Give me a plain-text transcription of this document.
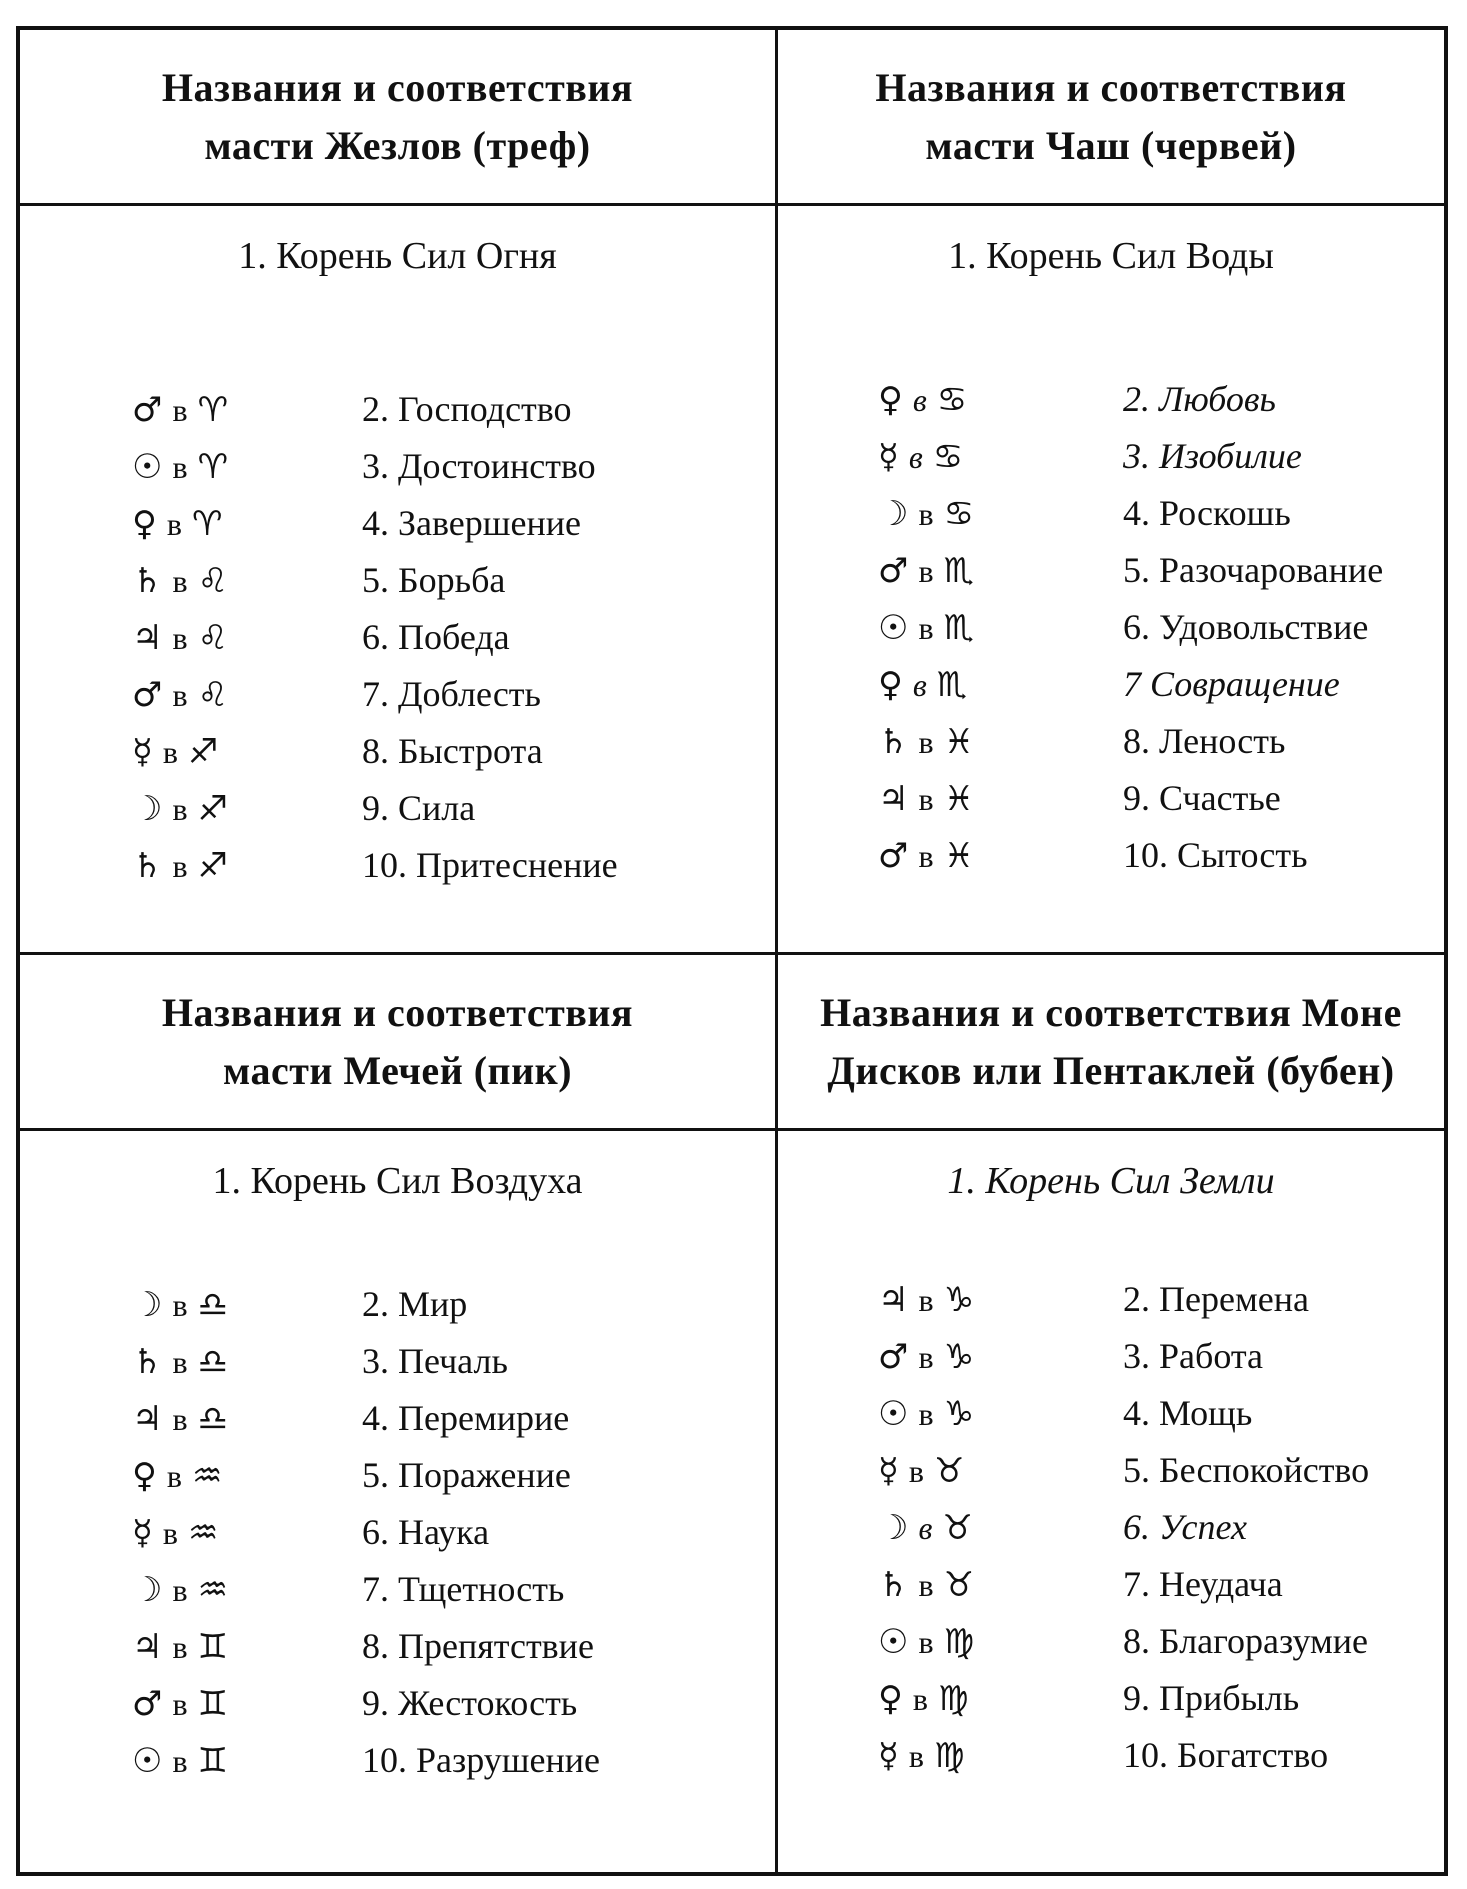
Названия и соответствия
масти Жезлов (треф)
1. Корень Сил Огня
♂ в ♈	2. Господство
☉ в ♈	3. Достоинство
♀ в ♈	4. Завершение
♄ в ♌	5. Борьба
♃ в ♌	6. Победа
♂ в ♌	7. Доблесть
☿ в ♐	8. Быстрота
☽ в ♐	9. Сила
♄ в ♐	10. Притеснение
Названия и соответствия
масти Чаш (червей)
1. Корень Сил Воды
♀ в ♋	2. Любовь
☿ в ♋	3. Изобилие
☽ в ♋	4. Роскошь
♂ в ♏	5. Разочарование
☉ в ♏	6. Удовольствие
♀ в ♏	7 Совращение
♄ в ♓	8. Леность
♃ в ♓	9. Счастье
♂ в ♓	10. Сытость
Названия и соответствия
масти Мечей (пик)
1. Корень Сил Воздуха
☽ в ♎	2. Мир
♄ в ♎	3. Печаль
♃ в ♎	4. Перемирие
♀ в ♒	5. Поражение
☿ в ♒	6. Наука
☽ в ♒	7. Тщетность
♃ в ♊	8. Препятствие
♂ в ♊	9. Жестокость
☉ в ♊	10. Разрушение
Названия и соответствия Моне
Дисков или Пентаклей (бубен)
1. Корень Сил Земли
♃ в ♑	2. Перемена
♂ в ♑	3. Работа
☉ в ♑	4. Мощь
☿ в ♉	5. Беспокойство
☽ в ♉	6. Успех
♄ в ♉	7. Неудача
☉ в ♍	8. Благоразумие
♀ в ♍	9. Прибыль
☿ в ♍	10. Богатство
